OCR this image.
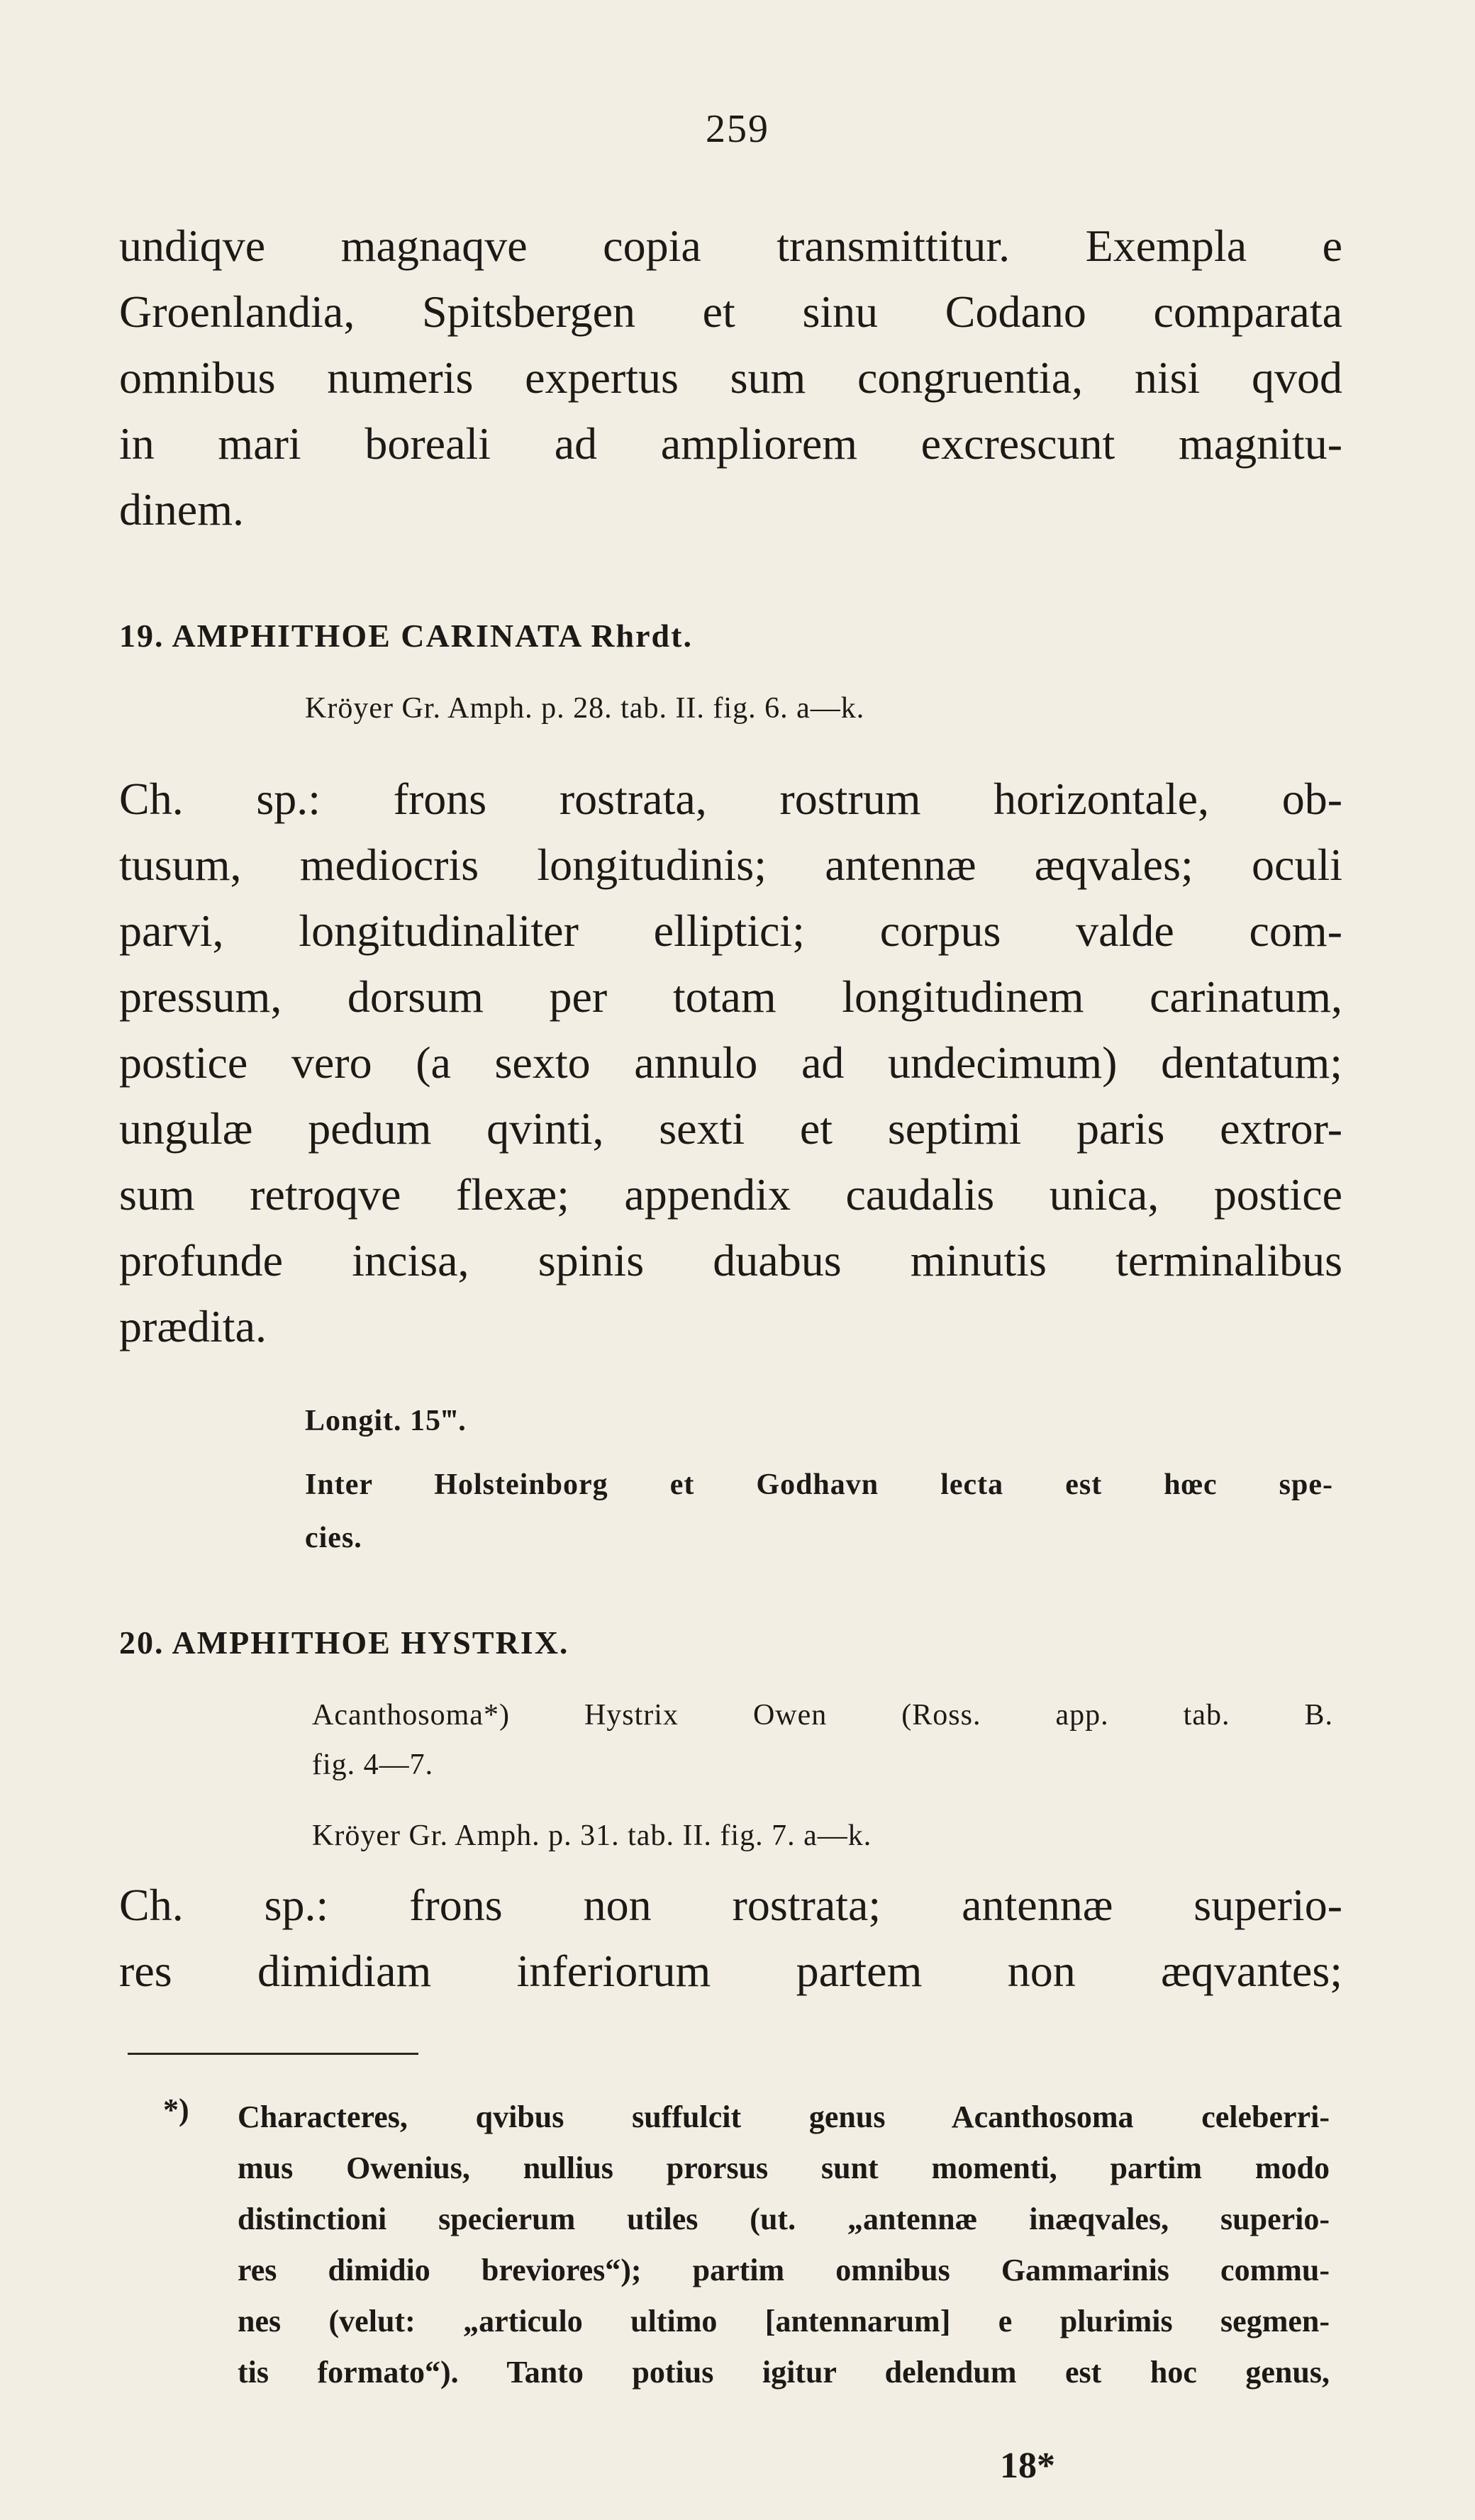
259
undiqve magnaqve copia transmittitur. Exempla e
Groenlandia, Spitsbergen et sinu Codano comparata
omnibus numeris expertus sum congruentia, nisi qvod
in mari boreali ad ampliorem excrescunt magnitu-
dinem.
19. AMPHITHOE CARINATA Rhrdt.
Kröyer Gr. Amph. p. 28. tab. II. fig. 6. a—k.
Ch. sp.: frons rostrata, rostrum horizontale, ob-
tusum, mediocris longitudinis; antennæ æqvales; oculi
parvi, longitudinaliter elliptici; corpus valde com-
pressum, dorsum per totam longitudinem carinatum,
postice vero (a sexto annulo ad undecimum) dentatum;
ungulæ pedum qvinti, sexti et septimi paris extror-
sum retroqve flexæ; appendix caudalis unica, postice
profunde incisa, spinis duabus minutis terminalibus
prædita.
Longit. 15‴.
Inter Holsteinborg et Godhavn lecta est hœc spe-
cies.
20. AMPHITHOE HYSTRIX.
Acanthosoma*) Hystrix Owen (Ross. app. tab. B.
fig. 4—7.
Kröyer Gr. Amph. p. 31. tab. II. fig. 7. a—k.
Ch. sp.: frons non rostrata; antennæ superio-
res dimidiam inferiorum partem non æqvantes;
*) Characteres, qvibus suffulcit genus Acanthosoma celeberri-
mus Owenius, nullius prorsus sunt momenti, partim modo
distinctioni specierum utiles (ut. „antennæ inæqvales, superio-
res dimidio breviores“); partim omnibus Gammarinis commu-
nes (velut: „articulo ultimo [antennarum] e plurimis segmen-
tis formato“). Tanto potius igitur delendum est hoc genus,
18*
